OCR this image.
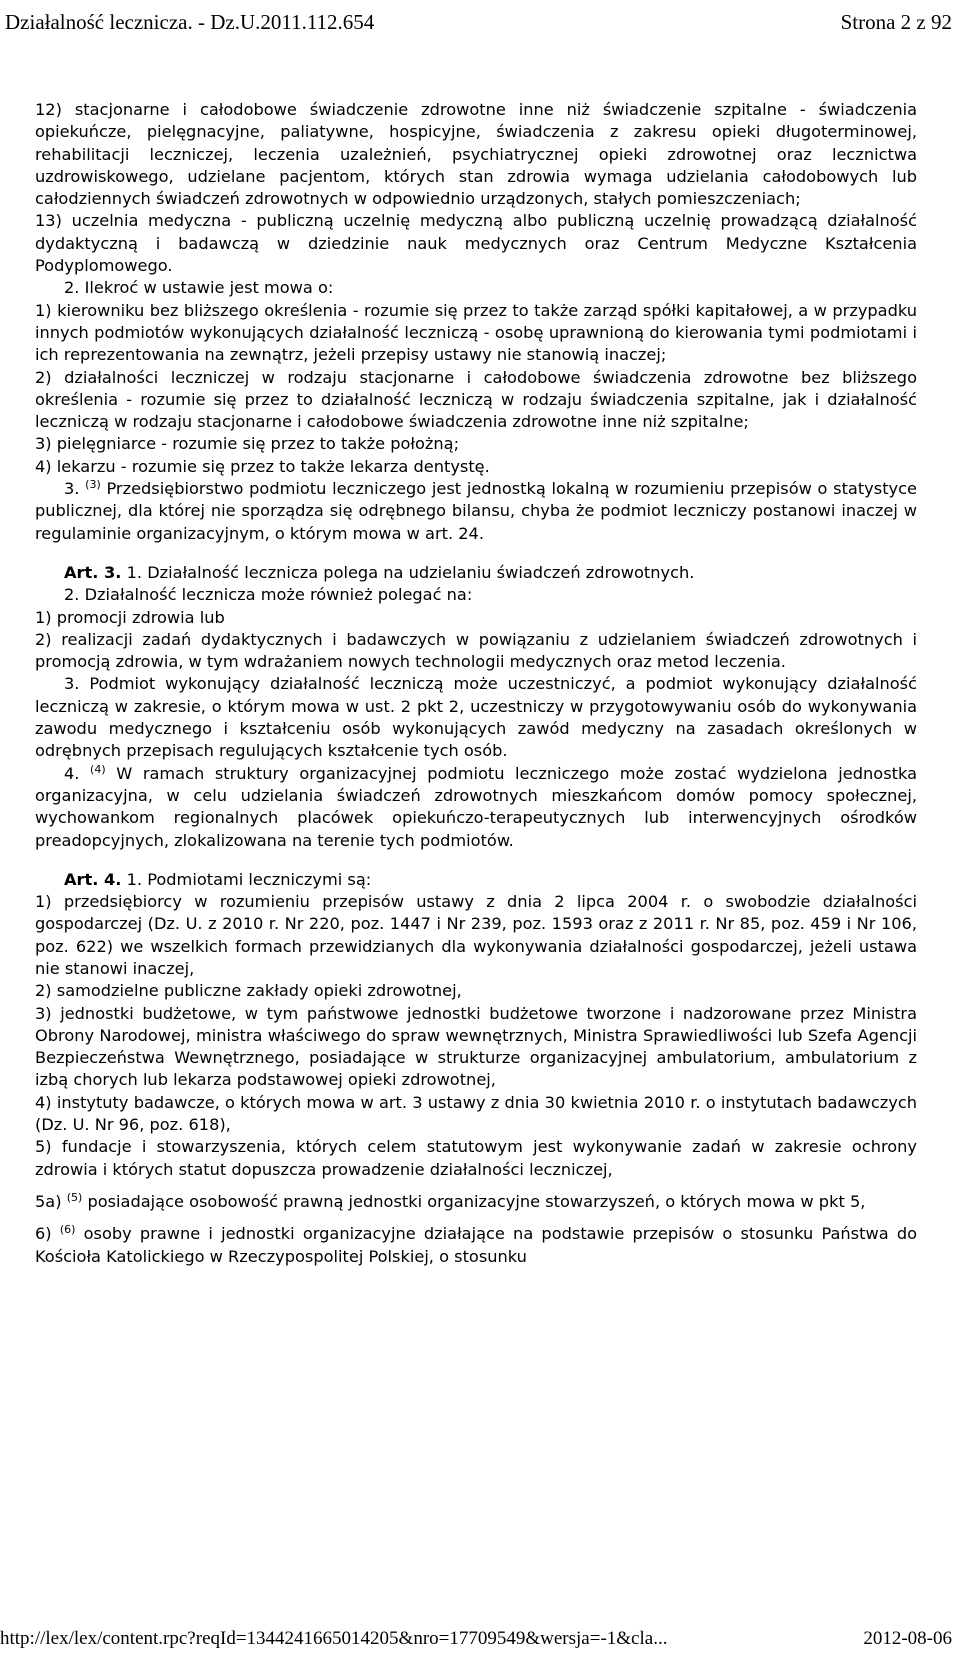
Działalność lecznicza. - Dz.U.2011.112.654	Strona 2 z 92
12) stacjonarne i całodobowe świadczenie zdrowotne inne niż świadczenie szpitalne - świadczenia opiekuńcze, pielęgnacyjne, paliatywne, hospicyjne, świadczenia z zakresu opieki długoterminowej, rehabilitacji leczniczej, leczenia uzależnień, psychiatrycznej opieki zdrowotnej oraz lecznictwa uzdrowiskowego, udzielane pacjentom, których stan zdrowia wymaga udzielania całodobowych lub całodziennych świadczeń zdrowotnych w odpowiednio urządzonych, stałych pomieszczeniach;
13) uczelnia medyczna - publiczną uczelnię medyczną albo publiczną uczelnię prowadzącą działalność dydaktyczną i badawczą w dziedzinie nauk medycznych oraz Centrum Medyczne Kształcenia Podyplomowego.
2. Ilekroć w ustawie jest mowa o:
1) kierowniku bez bliższego określenia - rozumie się przez to także zarząd spółki kapitałowej, a w przypadku innych podmiotów wykonujących działalność leczniczą - osobę uprawnioną do kierowania tymi podmiotami i ich reprezentowania na zewnątrz, jeżeli przepisy ustawy nie stanowią inaczej;
2) działalności leczniczej w rodzaju stacjonarne i całodobowe świadczenia zdrowotne bez bliższego określenia - rozumie się przez to działalność leczniczą w rodzaju świadczenia szpitalne, jak i działalność leczniczą w rodzaju stacjonarne i całodobowe świadczenia zdrowotne inne niż szpitalne;
3) pielęgniarce - rozumie się przez to także położną;
4) lekarzu - rozumie się przez to także lekarza dentystę.
3. $^{(3)}$ Przedsiębiorstwo podmiotu leczniczego jest jednostką lokalną w rozumieniu przepisów o statystyce publicznej, dla której nie sporządza się odrębnego bilansu, chyba że podmiot leczniczy postanowi inaczej w regulaminie organizacyjnym, o którym mowa w art. 24.
Art. 3. 1. Działalność lecznicza polega na udzielaniu świadczeń zdrowotnych.
2. Działalność lecznicza może również polegać na:
1) promocji zdrowia lub
2) realizacji zadań dydaktycznych i badawczych w powiązaniu z udzielaniem świadczeń zdrowotnych i promocją zdrowia, w tym wdrażaniem nowych technologii medycznych oraz metod leczenia.
3. Podmiot wykonujący działalność leczniczą może uczestniczyć, a podmiot wykonujący działalność leczniczą w zakresie, o którym mowa w ust. 2 pkt 2, uczestniczy w przygotowywaniu osób do wykonywania zawodu medycznego i kształceniu osób wykonujących zawód medyczny na zasadach określonych w odrębnych przepisach regulujących kształcenie tych osób.
4. $^{(4)}$ W ramach struktury organizacyjnej podmiotu leczniczego może zostać wydzielona jednostka organizacyjna, w celu udzielania świadczeń zdrowotnych mieszkańcom domów pomocy społecznej, wychowankom regionalnych placówek opiekuńczo-terapeutycznych lub interwencyjnych ośrodków preadopcyjnych, zlokalizowana na terenie tych podmiotów.
Art. 4. 1. Podmiotami leczniczymi są:
1) przedsiębiorcy w rozumieniu przepisów ustawy z dnia 2 lipca 2004 r. o swobodzie działalności gospodarczej (Dz. U. z 2010 r. Nr 220, poz. 1447 i Nr 239, poz. 1593 oraz z 2011 r. Nr 85, poz. 459 i Nr 106, poz. 622) we wszelkich formach przewidzianych dla wykonywania działalności gospodarczej, jeżeli ustawa nie stanowi inaczej,
2) samodzielne publiczne zakłady opieki zdrowotnej,
3) jednostki budżetowe, w tym państwowe jednostki budżetowe tworzone i nadzorowane przez Ministra Obrony Narodowej, ministra właściwego do spraw wewnętrznych, Ministra Sprawiedliwości lub Szefa Agencji Bezpieczeństwa Wewnętrznego, posiadające w strukturze organizacyjnej ambulatorium, ambulatorium z izbą chorych lub lekarza podstawowej opieki zdrowotnej,
4) instytuty badawcze, o których mowa w art. 3 ustawy z dnia 30 kwietnia 2010 r. o instytutach badawczych (Dz. U. Nr 96, poz. 618),
5) fundacje i stowarzyszenia, których celem statutowym jest wykonywanie zadań w zakresie ochrony zdrowia i których statut dopuszcza prowadzenie działalności leczniczej,
5a) $^{(5)}$ posiadające osobowość prawną jednostki organizacyjne stowarzyszeń, o których mowa w pkt 5,
6) $^{(6)}$ osoby prawne i jednostki organizacyjne działające na podstawie przepisów o stosunku Państwa do Kościoła Katolickiego w Rzeczypospolitej Polskiej, o stosunku
http://lex/lex/content.rpc?reqId=1344241665014205&nro=17709549&wersja=-1&cla...	2012-08-06
